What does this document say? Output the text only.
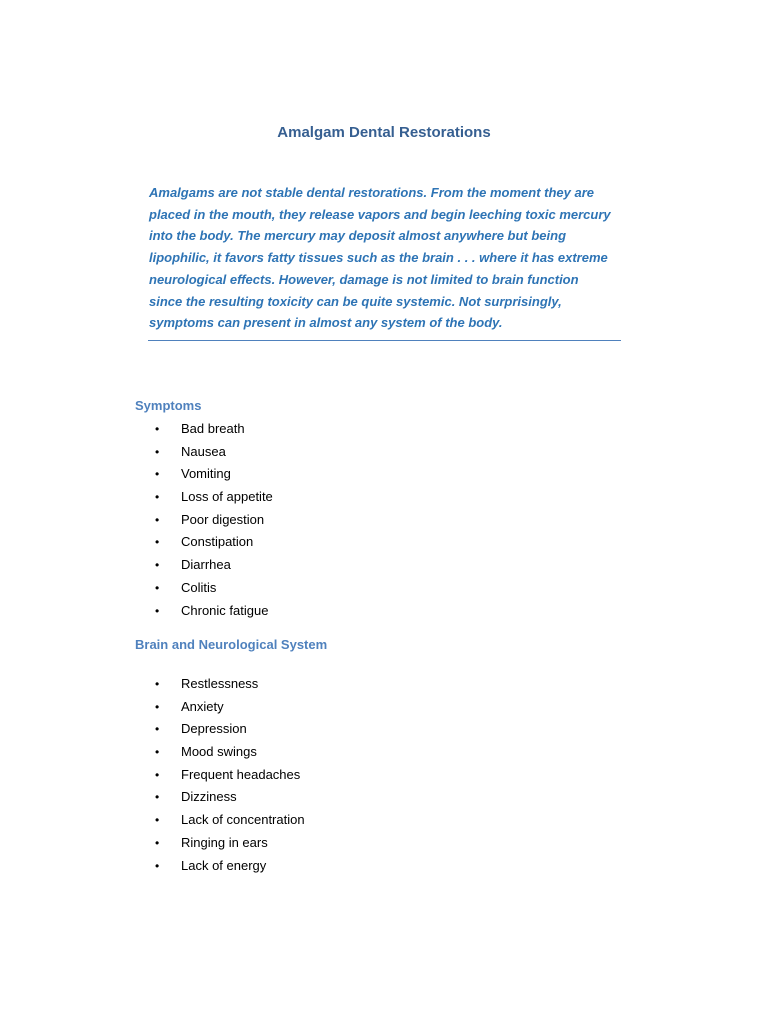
Amalgam Dental Restorations

Amalgams are not stable dental restorations. From the moment they are
placed in the mouth, they release vapors and begin leeching toxic mercury
into the body. The mercury may deposit almost anywhere but being
lipophilic, it favors fatty tissues such as the brain . . . where it has extreme
neurological effects. However, damage is not limited to brain function
since the resulting toxicity can be quite systemic. Not surprisingly,
symptoms can present in almost any system of the body.

Symptoms
• Bad breath
• Nausea
• Vomiting
• Loss of appetite
• Poor digestion
• Constipation
• Diarrhea
• Colitis
• Chronic fatigue
Brain and Neurological System
• Restlessness
• Anxiety
• Depression
• Mood swings
• Frequent headaches
• Dizziness
• Lack of concentration
• Ringing in ears
• Lack of energy
